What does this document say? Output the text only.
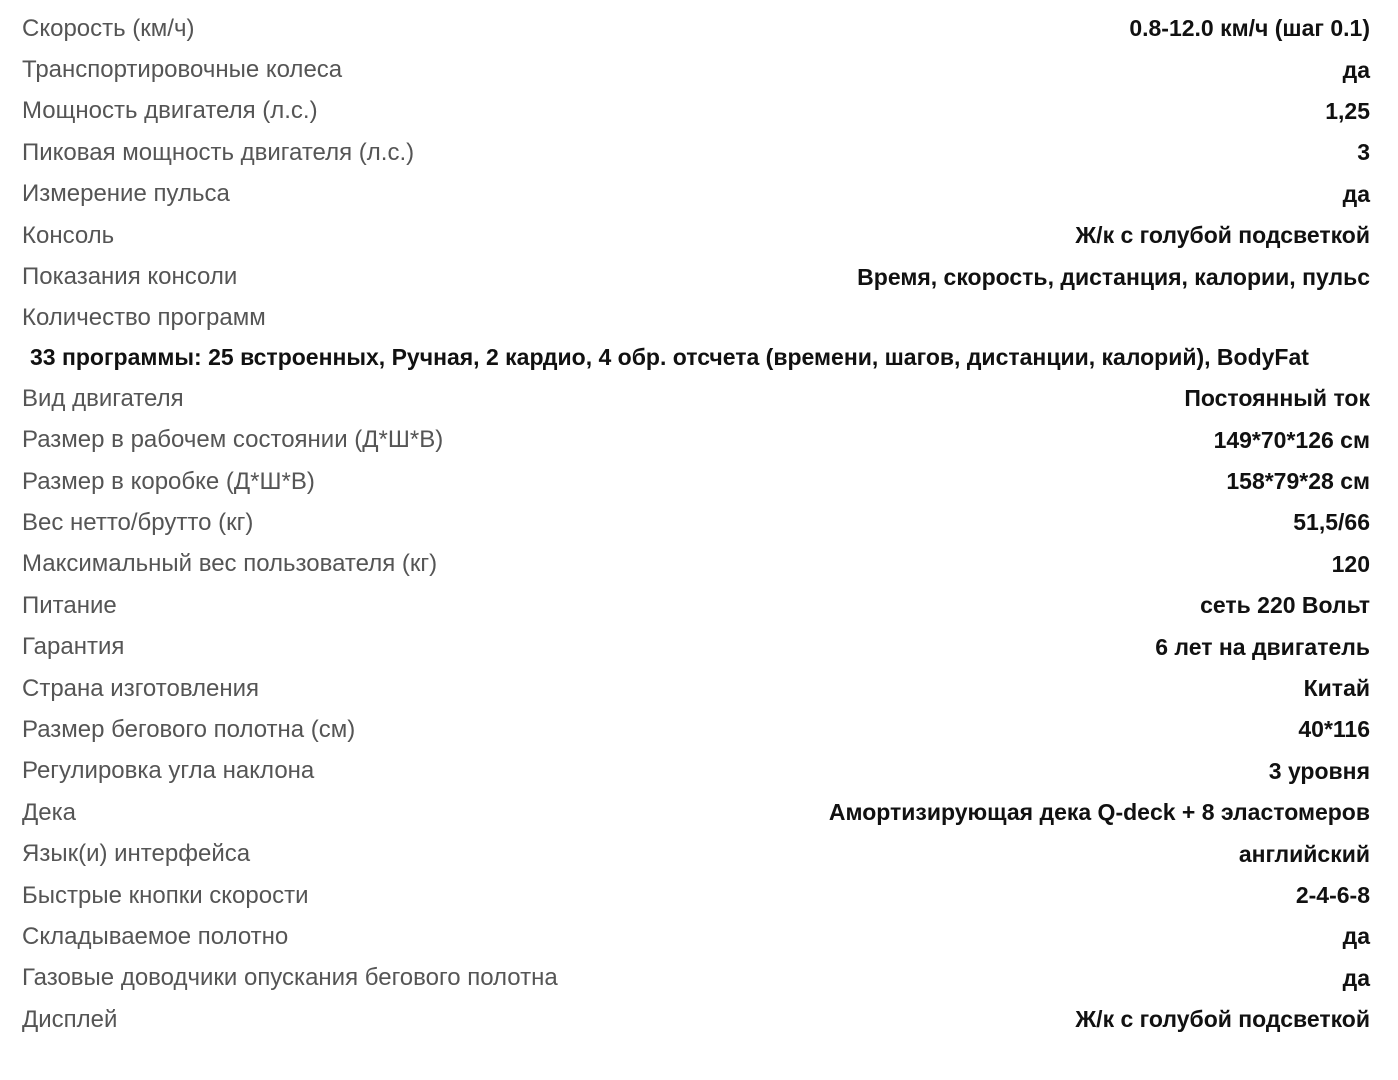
Скорость (км/ч)	0.8-12.0 км/ч (шаг 0.1)
Транспортировочные колеса	да
Мощность двигателя (л.с.)	1,25
Пиковая мощность двигателя (л.с.)	3
Измерение пульса	да
Консоль	Ж/к с голубой подсветкой
Показания консоли	Время, скорость, дистанция, калории, пульс
Количество программ
33 программы: 25 встроенных, Ручная, 2 кардио, 4 обр. отсчета (времени, шагов, дистанции, калорий), BodyFat
Вид двигателя	Постоянный ток
Размер в рабочем состоянии (Д*Ш*В)	149*70*126 см
Размер в коробке (Д*Ш*В)	158*79*28 см
Вес нетто/брутто (кг)	51,5/66
Максимальный вес пользователя (кг)	120
Питание	сеть 220 Вольт
Гарантия	6 лет на двигатель
Страна изготовления	Китай
Размер бегового полотна (см)	40*116
Регулировка угла наклона	3 уровня
Дека	Амортизирующая дека Q-deck + 8 эластомеров
Язык(и) интерфейса	английский
Быстрые кнопки скорости	2-4-6-8
Складываемое полотно	да
Газовые доводчики опускания бегового полотна	да
Дисплей	Ж/к с голубой подсветкой
